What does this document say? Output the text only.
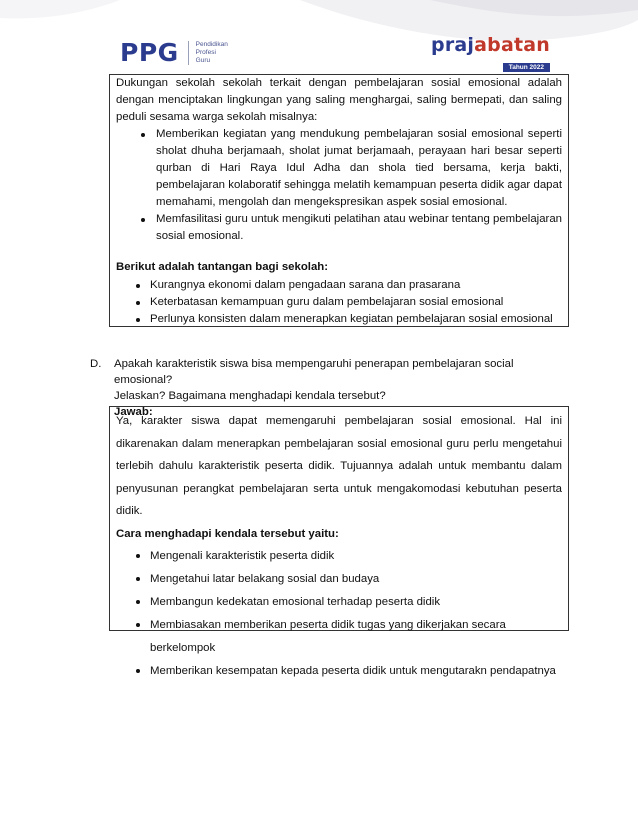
PPG	Pendidikan
Profesi
Guru
prajabatan
Tahun 2022

Dukungan sekolah sekolah terkait dengan pembelajaran sosial emosional adalah dengan menciptakan lingkungan yang saling menghargai, saling bermepati, dan saling peduli sesama warga sekolah misalnya:

Memberikan kegiatan yang mendukung pembelajaran sosial emosional seperti sholat dhuha berjamaah, sholat jumat berjamaah, perayaan hari besar seperti qurban di Hari Raya Idul Adha dan shola tied bersama, kerja bakti, pembelajaran kolaboratif sehingga melatih kemampuan peserta didik agar dapat memahami, mengolah dan mengekspresikan aspek sosial emosional.
Memfasilitasi guru untuk mengikuti pelatihan atau webinar tentang pembelajaran sosial emosional.
Berikut adalah tantangan bagi sekolah:
Kurangnya ekonomi dalam pengadaan sarana dan prasarana
Keterbatasan kemampuan guru dalam pembelajaran sosial emosional
Perlunya konsisten dalam menerapkan kegiatan pembelajaran sosial emosional
D. Apakah karakteristik siswa bisa mempengaruhi penerapan pembelajaran social emosional?
Jelaskan? Bagaimana menghadapi kendala tersebut?
Jawab:

Ya, karakter siswa dapat memengaruhi pembelajaran sosial emosional. Hal ini dikarenakan dalam menerapkan pembelajaran sosial emosional guru perlu mengetahui terlebih dahulu karakteristik peserta didik. Tujuannya adalah untuk membantu dalam penyusunan perangkat pembelajaran serta untuk mengakomodasi kebutuhan peserta didik.

Cara menghadapi kendala tersebut yaitu:
Mengenali karakteristik peserta didik
Mengetahui latar belakang sosial dan budaya
Membangun kedekatan emosional terhadap peserta didik
Membiasakan memberikan peserta didik tugas yang dikerjakan secara berkelompok
Memberikan kesempatan kepada peserta didik untuk mengutarakn pendapatnya
